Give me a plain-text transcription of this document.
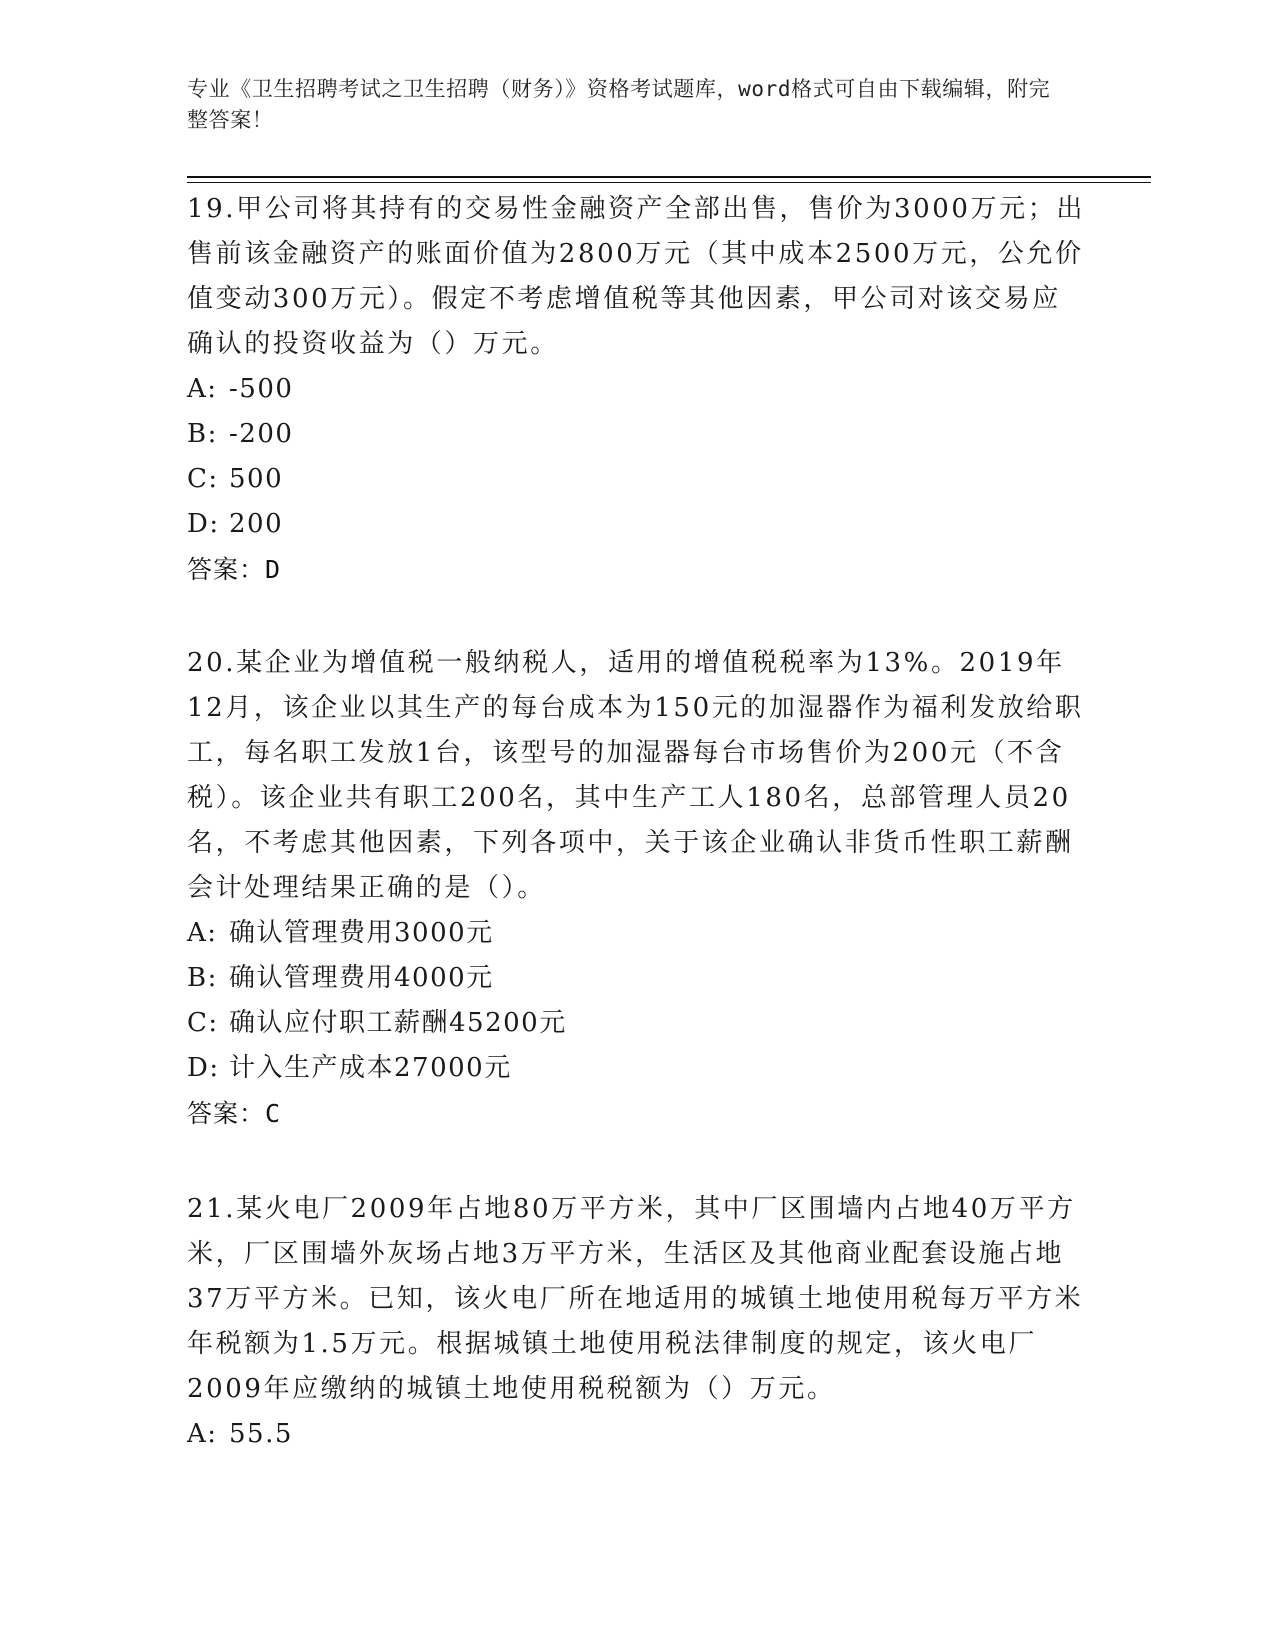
专业《卫生招聘考试之卫生招聘（财务）》资格考试题库，word格式可自由下载编辑，附完整答案！
19.甲公司将其持有的交易性金融资产全部出售，售价为3000万元；出售前该金融资产的账面价值为2800万元（其中成本2500万元，公允价值变动300万元）。假定不考虑增值税等其他因素，甲公司对该交易应确认的投资收益为（）万元。
A: -500
B: -200
C: 500
D: 200
答案：D
20.某企业为增值税一般纳税人，适用的增值税税率为13%。2019年12月，该企业以其生产的每台成本为150元的加湿器作为福利发放给职工，每名职工发放1台，该型号的加湿器每台市场售价为200元（不含税）。该企业共有职工200名，其中生产工人180名，总部管理人员20名，不考虑其他因素，下列各项中，关于该企业确认非货币性职工薪酬会计处理结果正确的是（）。
A: 确认管理费用3000元
B: 确认管理费用4000元
C: 确认应付职工薪酬45200元
D: 计入生产成本27000元
答案：C
21.某火电厂2009年占地80万平方米，其中厂区围墙内占地40万平方米，厂区围墙外灰场占地3万平方米，生活区及其他商业配套设施占地37万平方米。已知，该火电厂所在地适用的城镇土地使用税每万平方米年税额为1.5万元。根据城镇土地使用税法律制度的规定，该火电厂2009年应缴纳的城镇土地使用税税额为（）万元。
A: 55.5
